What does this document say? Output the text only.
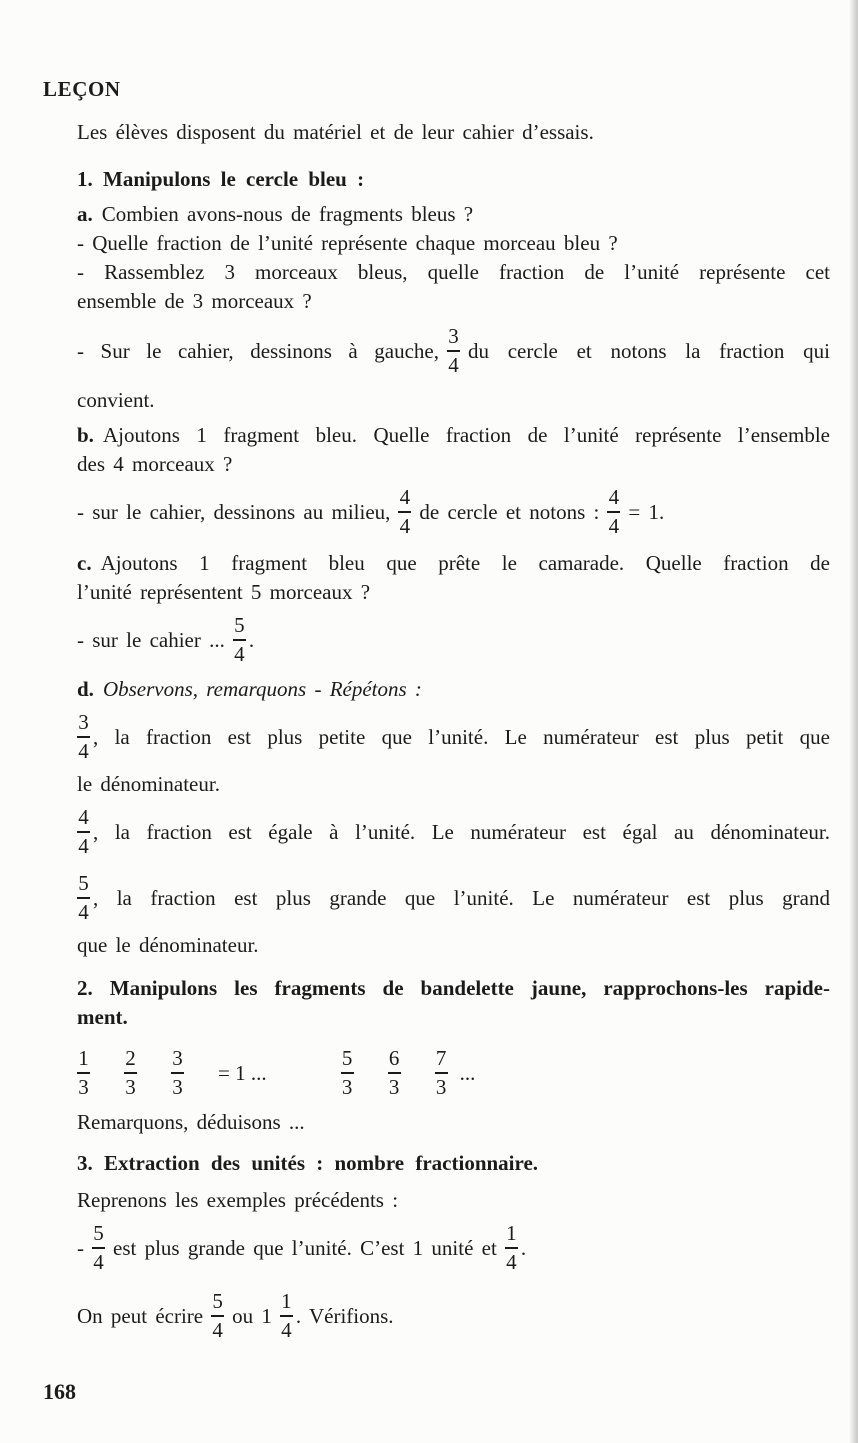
LEÇON
Les élèves disposent du matériel et de leur cahier d’essais.
1. Manipulons le cercle bleu :
a. Combien avons-nous de fragments bleus ?
- Quelle fraction de l’unité représente chaque morceau bleu ?
- Rassemblez 3 morceaux bleus, quelle fraction de l’unité représente cet
ensemble de 3 morceaux ?
- Sur le cahier, dessinons à gauche, $\frac{3}{4}$ du cercle et notons la fraction qui
convient.
b. Ajoutons 1 fragment bleu. Quelle fraction de l’unité représente l’ensemble
des 4 morceaux ?
- sur le cahier, dessinons au milieu, $\frac{4}{4}$ de cercle et notons : $\frac{4}{4} = 1$.
c. Ajoutons 1 fragment bleu que prête le camarade. Quelle fraction de
l’unité représentent 5 morceaux ?
- sur le cahier ... $\frac{5}{4}$ .
d. Observons, remarquons - Répétons :
$\frac{3}{4}$ , la fraction est plus petite que l’unité. Le numérateur est plus petit que
le dénominateur.
$\frac{4}{4}$ , la fraction est égale à l’unité. Le numérateur est égal au dénominateur.
$\frac{5}{4}$ , la fraction est plus grande que l’unité. Le numérateur est plus grand
que le dénominateur.
2. Manipulons les fragments de bandelette jaune, rapprochons-les rapide-
ment.
$\frac{1}{3} \frac{2}{3} \frac{3}{3} = 1$ ...	$\frac{5}{3} \frac{6}{3} \frac{7}{3}$ ...
Remarquons, déduisons ...
3. Extraction des unités : nombre fractionnaire.
Reprenons les exemples précédents :
- $\frac{5}{4}$ est plus grande que l’unité. C’est 1 unité et $\frac{1}{4}$ .
On peut écrire $\frac{5}{4}$ ou $1 \frac{1}{4}$ . Vérifions.
168
